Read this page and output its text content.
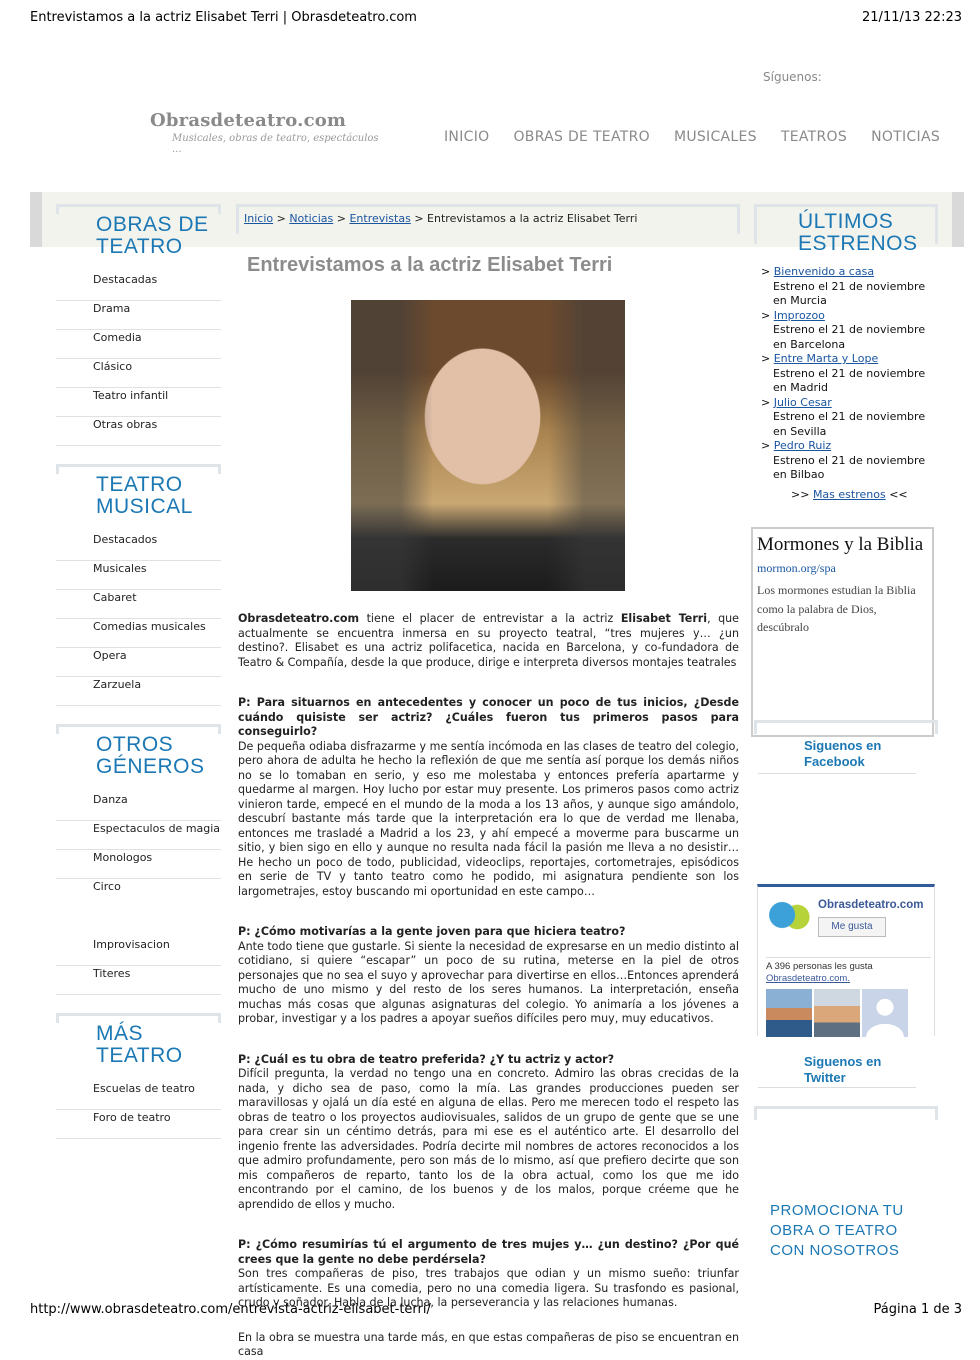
Entrevistamos a la actriz Elisabet Terri | Obrasdeteatro.com	21/11/13 22:23
http://www.obrasdeteatro.com/entrevista-actriz-elisabet-terri/	Página 1 de 3
Síguenos:
Obrasdeteatro.com
Musicales, obras de teatro, espectáculos ...
INICIO OBRAS DE TEATRO MUSICALES TEATROS NOTICIAS
OBRAS DE
TEATRO
Destacadas
Drama
Comedia
Clásico
Teatro infantil
Otras obras
TEATRO
MUSICAL
Destacados
Musicales
Cabaret
Comedias musicales
Opera
Zarzuela
OTROS
GÉNEROS
Danza
Espectaculos de magia
Monologos
Circo
Improvisacion
Titeres
MÁS
TEATRO
Escuelas de teatro
Foro de teatro
Inicio > Noticias > Entrevistas > Entrevistamos a la actriz Elisabet Terri
Entrevistamos a la actriz Elisabet Terri

Obrasdeteatro.com tiene el placer de entrevistar a la actriz Elisabet Terri, que actualmente se encuentra inmersa en su proyecto teatral, “tres mujeres y… ¿un destino?. Elisabet es una actriz polifacetica, nacida en Barcelona, y co-fundadora de Teatro & Compañía, desde la que produce, dirige e interpreta diversos montajes teatrales

P: Para situarnos en antecedentes y conocer un poco de tus inicios, ¿Desde cuándo quisiste ser actriz? ¿Cuáles fueron tus primeros pasos para conseguirlo?

De pequeña odiaba disfrazarme y me sentía incómoda en las clases de teatro del colegio, pero ahora de adulta he hecho la reflexión de que me sentía así porque los demás niños no se lo tomaban en serio, y eso me molestaba y entonces prefería apartarme y quedarme al margen. Hoy lucho por estar muy presente. Los primeros pasos como actriz vinieron tarde, empecé en el mundo de la moda a los 13 años, y aunque sigo amándolo, descubrí bastante más tarde que la interpretación era lo que de verdad me llenaba, entonces me trasladé a Madrid a los 23, y ahí empecé a moverme para buscarme un sitio, y bien sigo en ello y aunque no resulta nada fácil la pasión me lleva a no desistir… He hecho un poco de todo, publicidad, videoclips, reportajes, cortometrajes, episódicos en serie de TV y tanto teatro como he podido, mi asignatura pendiente son los largometrajes, estoy buscando mi oportunidad en este campo…

P: ¿Cómo motivarías a la gente joven para que hiciera teatro?

Ante todo tiene que gustarle. Si siente la necesidad de expresarse en un medio distinto al cotidiano, si quiere “escapar” un poco de su rutina, meterse en la piel de otros personajes que no sea el suyo y aprovechar para divertirse en ellos…Entonces aprenderá mucho de uno mismo y del resto de los seres humanos. La interpretación, enseña muchas más cosas que algunas asignaturas del colegio. Yo animaría a los jóvenes a probar, investigar y a los padres a apoyar sueños difíciles pero muy, muy educativos.

P: ¿Cuál es tu obra de teatro preferida? ¿Y tu actriz y actor?

Difícil pregunta, la verdad no tengo una en concreto. Admiro las obras crecidas de la nada, y dicho sea de paso, como la mía. Las grandes producciones pueden ser maravillosas y ojalá un día esté en alguna de ellas. Pero me merecen todo el respeto las obras de teatro o los proyectos audiovisuales, salidos de un grupo de gente que se une para crear sin un céntimo detrás, para mi ese es el auténtico arte. El desarrollo del ingenio frente las adversidades. Podría decirte mil nombres de actores reconocidos a los que admiro profundamente, pero son más de lo mismo, así que prefiero decirte que son mis compañeros de reparto, tanto los de la obra actual, como los que me ido encontrando por el camino, de los buenos y de los malos, porque créeme que he aprendido de ellos y mucho.

P: ¿Cómo resumirías tú el argumento de tres mujes y… ¿un destino? ¿Por qué crees que la gente no debe perdérsela?

Son tres compañeras de piso, tres trabajos que odian y un mismo sueño: triunfar artísticamente. Es una comedia, pero no una comedia ligera. Su trasfondo es pasional, crudo y soñador. Habla de la lucha, la perseverancia y las relaciones humanas.

En la obra se muestra una tarde más, en que estas compañeras de piso se encuentran en casa

ÚLTIMOS
ESTRENOS
> Bienvenido a casa
Estreno el 21 de noviembre
en Murcia
> Improzoo
Estreno el 21 de noviembre
en Barcelona
> Entre Marta y Lope
Estreno el 21 de noviembre
en Madrid
> Julio Cesar
Estreno el 21 de noviembre
en Sevilla
> Pedro Ruiz
Estreno el 21 de noviembre
en Bilbao
>> Mas estrenos <<
Mormones y la Biblia
mormon.org/spa
Los mormones estudian la Biblia como la palabra de Dios, descúbralo
Siguenos en
Facebook
Obrasdeteatro.com
Me gusta
A 396 personas les gusta
Obrasdeteatro.com.
Siguenos en
Twitter
PROMOCIONA TU OBRA O TEATRO CON NOSOTROS
